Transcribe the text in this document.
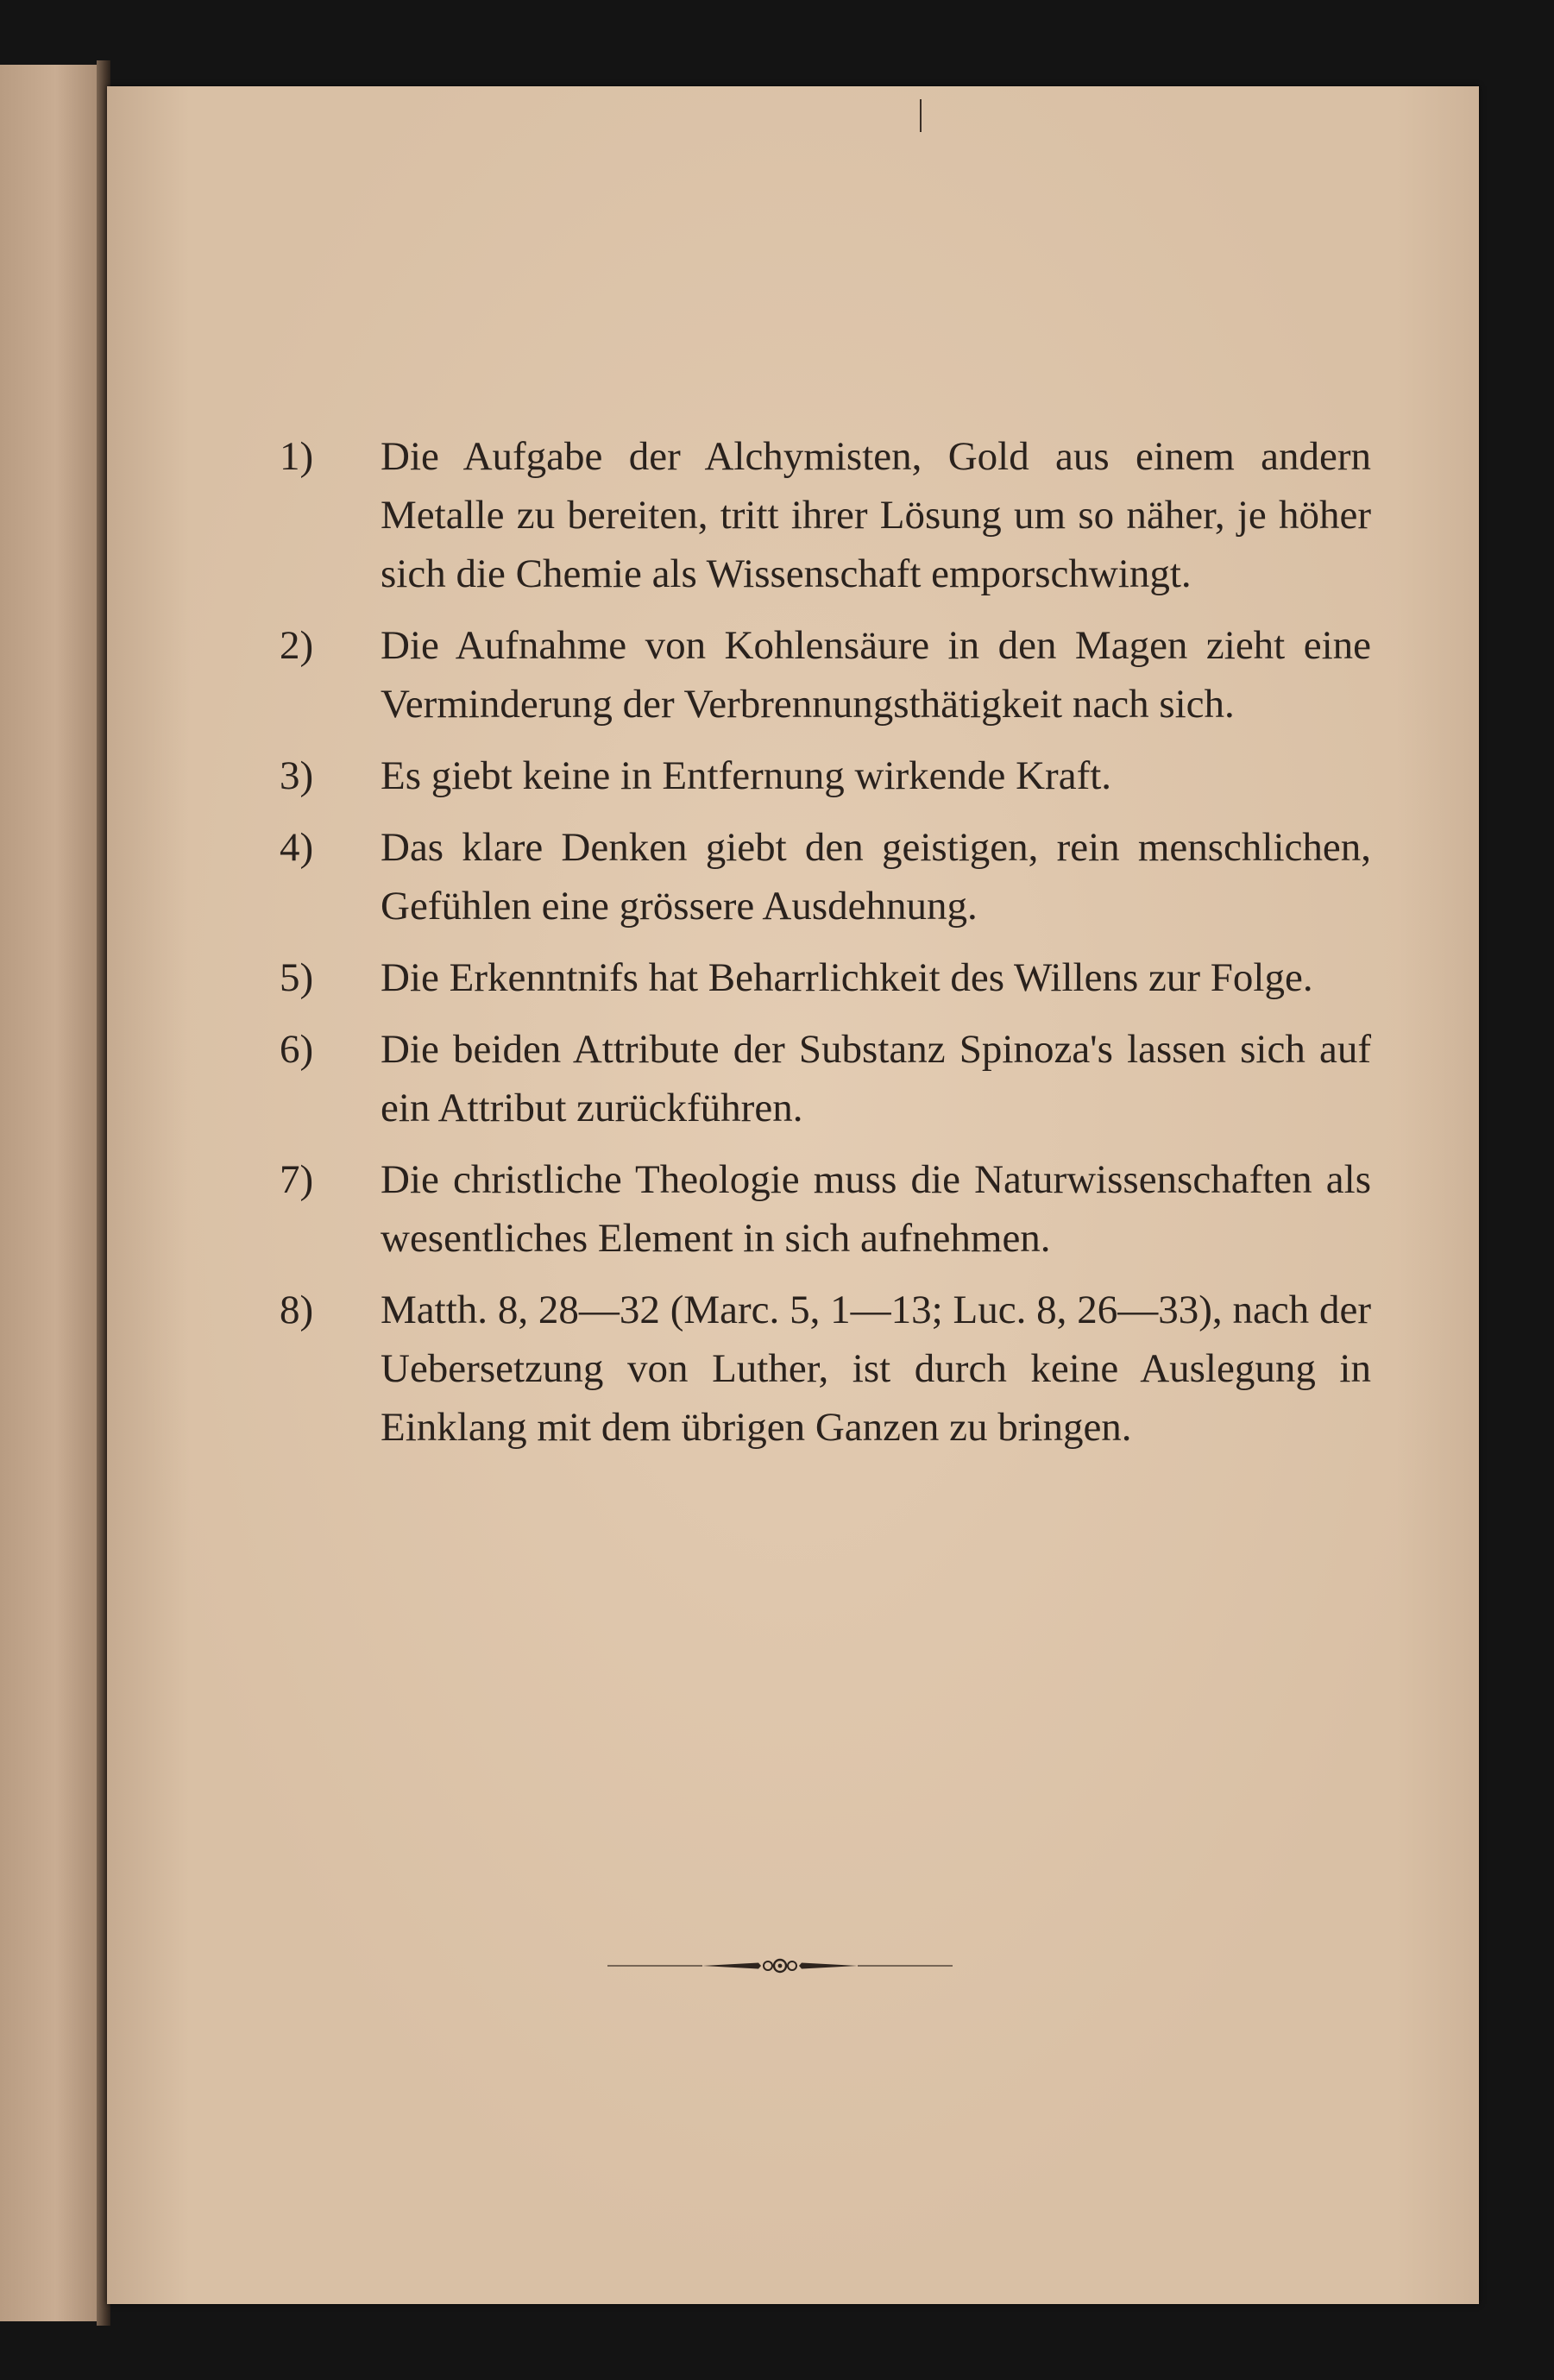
1)	Die Aufgabe der Alchymisten, Gold aus einem andern Metalle zu bereiten, tritt ihrer Lösung um so näher, je höher sich die Chemie als Wissenschaft emporschwingt.
2)	Die Aufnahme von Kohlensäure in den Magen zieht eine Verminderung der Verbrennungsthätigkeit nach sich.
3)	Es giebt keine in Entfernung wirkende Kraft.
4)	Das klare Denken giebt den geistigen, rein menschlichen, Gefühlen eine grössere Ausdehnung.
5)	Die Erkenntnifs hat Beharrlichkeit des Willens zur Folge.
6)	Die beiden Attribute der Substanz Spinoza's lassen sich auf ein Attribut zurückführen.
7)	Die christliche Theologie muss die Naturwissenschaften als wesentliches Element in sich aufnehmen.
8)	Matth. 8, 28—32 (Marc. 5, 1—13; Luc. 8, 26—33), nach der Uebersetzung von Luther, ist durch keine Auslegung in Einklang mit dem übrigen Ganzen zu bringen.
